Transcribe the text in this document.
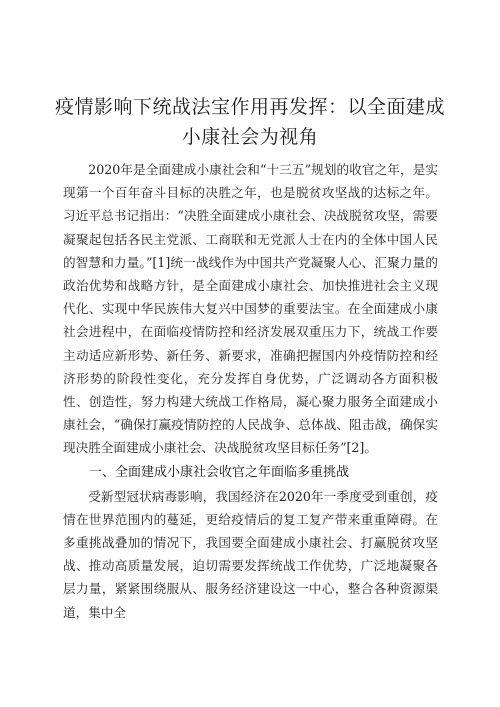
疫情影响下统战法宝作用再发挥：以全面建成
小康社会为视角

2020年是全面建成小康社会和“十三五”规划的收官之年，是实现第一个百年奋斗目标的决胜之年，也是脱贫攻坚战的达标之年。习近平总书记指出：“决胜全面建成小康社会、决战脱贫攻坚，需要凝聚起包括各民主党派、工商联和无党派人士在内的全体中国人民的智慧和力量。”[1]统一战线作为中国共产党凝聚人心、汇聚力量的政治优势和战略方针，是全面建成小康社会、加快推进社会主义现代化、实现中华民族伟大复兴中国梦的重要法宝。在全面建成小康社会进程中，在面临疫情防控和经济发展双重压力下，统战工作要主动适应新形势、新任务、新要求，准确把握国内外疫情防控和经济形势的阶段性变化，充分发挥自身优势，广泛调动各方面积极性、创造性，努力构建大统战工作格局，凝心聚力服务全面建成小康社会，“确保打赢疫情防控的人民战争、总体战、阻击战，确保实现决胜全面建成小康社会、决战脱贫攻坚目标任务”[2]。

一、全面建成小康社会收官之年面临多重挑战

受新型冠状病毒影响，我国经济在2020年一季度受到重创，疫情在世界范围内的蔓延，更给疫情后的复工复产带来重重障碍。在多重挑战叠加的情况下，我国要全面建成小康社会、打赢脱贫攻坚战、推动高质量发展，迫切需要发挥统战工作优势，广泛地凝聚各层力量，紧紧围绕服从、服务经济建设这一中心，整合各种资源渠道，集中全
